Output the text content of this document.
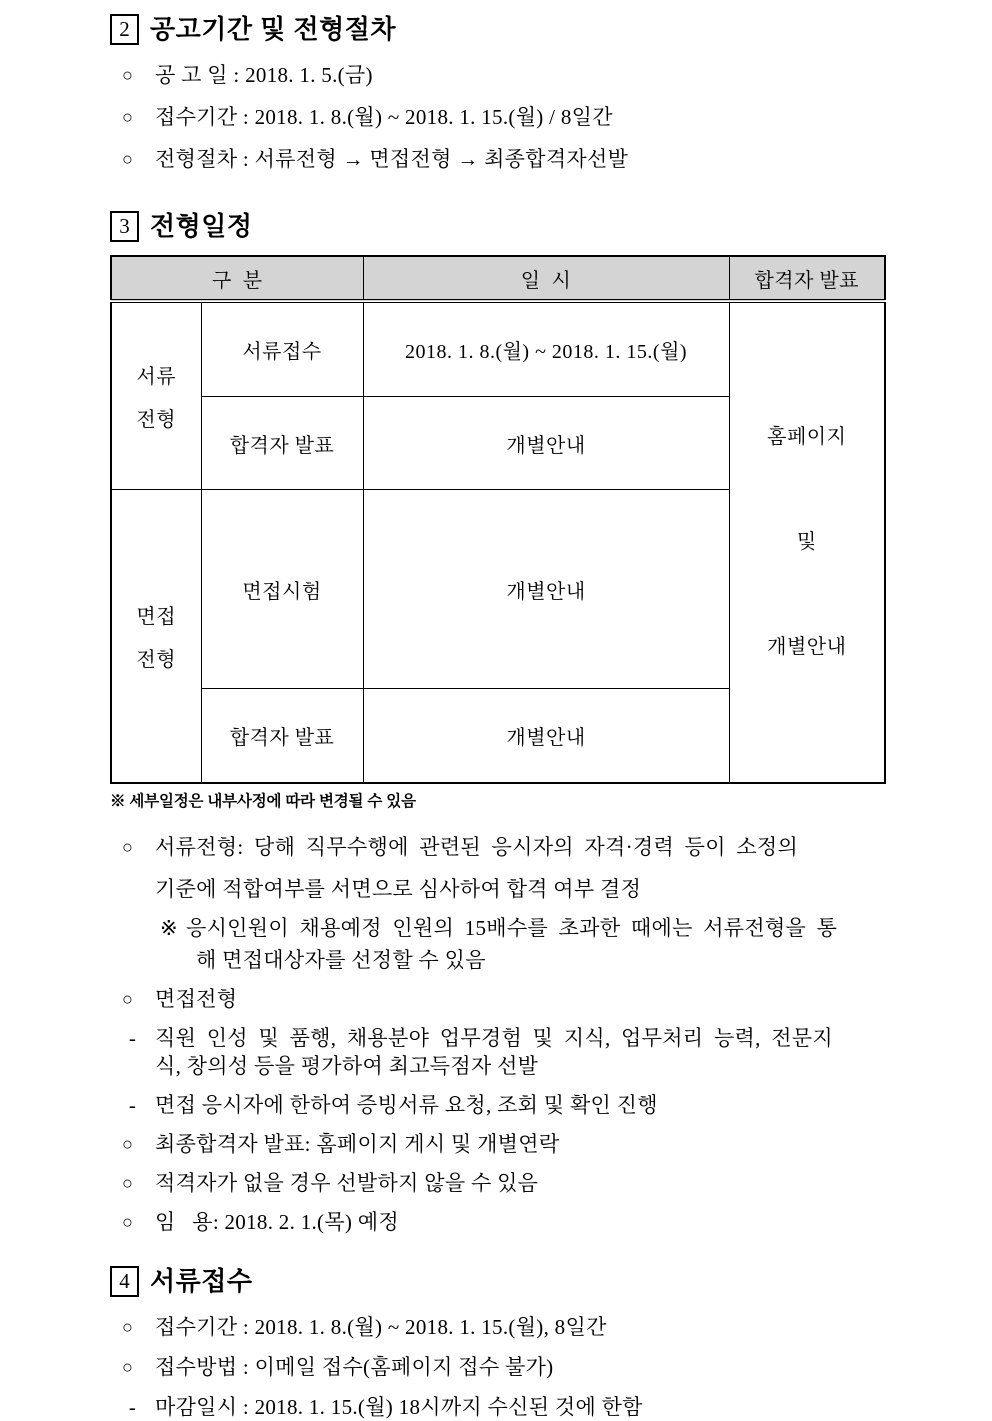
2 공고기간 및 전형절차
○	공 고 일 : 2018. 1. 5.(금)
○	접수기간 : 2018. 1. 8.(월) ~ 2018. 1. 15.(월) / 8일간
○	전형절차 : 서류전형 → 면접전형 → 최종합격자선발
3 전형일정
구  분		일  시	합격자 발표

서류
전형	서류접수	2018. 1. 8.(월) ~ 2018. 1. 15.(월)	홈페이지

및

개별안내

	합격자 발표	개별안내	

면접
전형	면접시험	개별안내	
	합격자 발표	개별안내	
※ 세부일정은 내부사정에 따라 변경될 수 있음
○	서류전형: 당해 직무수행에 관련된 응시자의 자격·경력 등이 소정의
기준에 적합여부를 서면으로 심사하여 합격 여부 결정
※ 응시인원이 채용예정 인원의 15배수를 초과한 때에는 서류전형을 통
해 면접대상자를 선정할 수 있음
○	면접전형
- 직원 인성 및 품행, 채용분야 업무경험 및 지식, 업무처리 능력, 전문지
식, 창의성 등을 평가하여 최고득점자 선발
- 면접 응시자에 한하여 증빙서류 요청, 조회 및 확인 진행
○	최종합격자 발표: 홈페이지 게시 및 개별연락
○	적격자가 없을 경우 선발하지 않을 수 있음
○	임   용: 2018. 2. 1.(목) 예정
4 서류접수
○	접수기간 : 2018. 1. 8.(월) ~ 2018. 1. 15.(월), 8일간
○	접수방법 : 이메일 접수(홈페이지 접수 불가)
- 마감일시 : 2018. 1. 15.(월) 18시까지 수신된 것에 한함
